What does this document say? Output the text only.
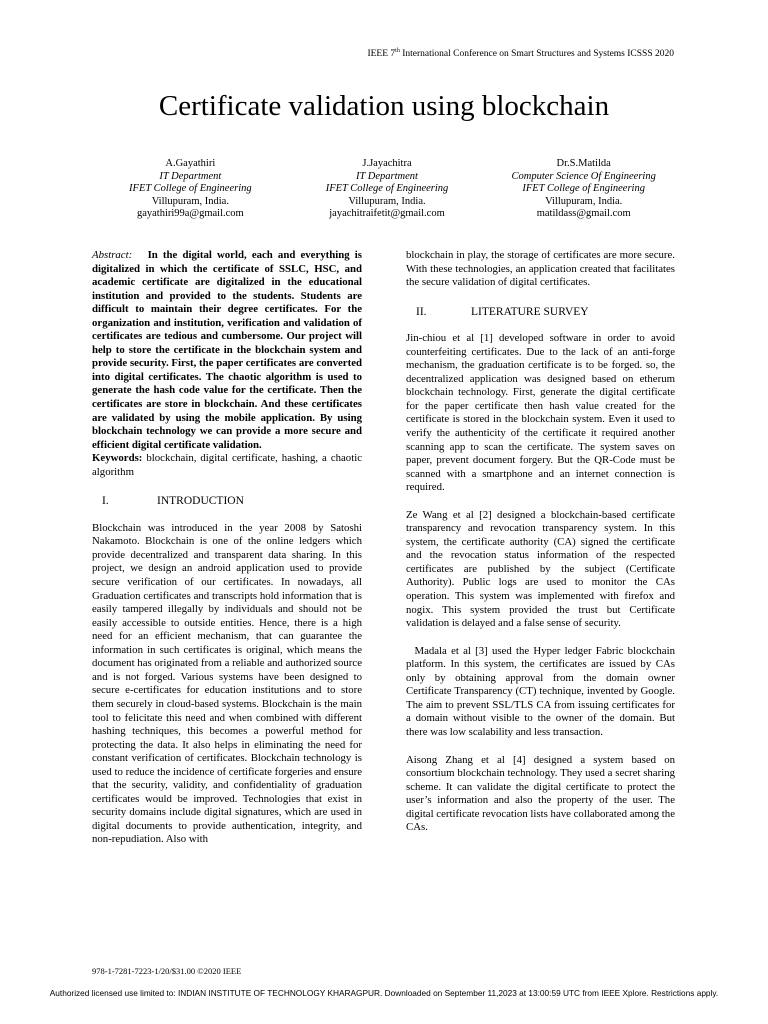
IEEE 7th International Conference on Smart Structures and Systems ICSSS 2020
Certificate validation using blockchain
A.Gayathiri
IT Department
IFET College of Engineering
Villupuram, India.
gayathiri99a@gmail.com
J.Jayachitra
IT Department
IFET College of Engineering
Villupuram, India.
jayachitraifetit@gmail.com
Dr.S.Matilda
Computer Science Of Engineering
IFET College of Engineering
Villupuram, India.
matildass@gmail.com

Abstract: In the digital world, each and everything is digitalized in which the certificate of SSLC, HSC, and academic certificate are digitalized in the educational institution and provided to the students. Students are difficult to maintain their degree certificates. For the organization and institution, verification and validation of certificates are tedious and cumbersome. Our project will help to store the certificate in the blockchain system and provide security. First, the paper certificates are converted into digital certificates. The chaotic algorithm is used to generate the hash code value for the certificate. Then the certificates are store in blockchain. And these certificates are validated by using the mobile application. By using blockchain technology we can provide a more secure and efficient digital certificate validation.

Keywords: blockchain, digital certificate, hashing, a chaotic algorithm

I.	INTRODUCTION

Blockchain was introduced in the year 2008 by Satoshi Nakamoto. Blockchain is one of the online ledgers which provide decentralized and transparent data sharing. In this project, we design an android application used to provide secure verification of our certificates. In nowadays, all Graduation certificates and transcripts hold information that is easily tampered illegally by individuals and should not be easily accessible to outside entities. Hence, there is a high need for an efficient mechanism, that can guarantee the information in such certificates is original, which means the document has originated from a reliable and authorized source and is not forged. Various systems have been designed to secure e-certificates for education institutions and to store them securely in cloud-based systems. Blockchain is the main tool to felicitate this need and when combined with different hashing techniques, this becomes a powerful method for protecting the data. It also helps in eliminating the need for constant verification of certificates. Blockchain technology is used to reduce the incidence of certificate forgeries and ensure that the security, validity, and confidentiality of graduation certificates would be improved. Technologies that exist in security domains include digital signatures, which are used in digital documents to provide authentication, integrity, and non-repudiation. Also with

blockchain in play, the storage of certificates are more secure. With these technologies, an application created that facilitates the secure validation of digital certificates.

II.	LITERATURE SURVEY

Jin-chiou et al [1] developed software in order to avoid counterfeiting certificates. Due to the lack of an anti-forge mechanism, the graduation certificate is to be forged. so, the decentralized application was designed based on etherum blockchain technology. First, generate the digital certificate for the paper certificate then hash value created for the certificate is stored in the blockchain system. Even it used to verify the authenticity of the certificate it required another scanning app to scan the certificate. The system saves on paper, prevent document forgery. But the QR-Code must be scanned with a smartphone and an internet connection is required.

Ze Wang et al [2] designed a blockchain-based certificate transparency and revocation transparency system. In this system, the certificate authority (CA) signed the certificate and the revocation status information of the respected certificates are published by the subject (Certificate Authority). Public logs are used to monitor the CAs operation. This system was implemented with firefox and nogix. This system provided the trust but Certificate validation is delayed and a false sense of security.

Madala et al [3] used the Hyper ledger Fabric blockchain platform. In this system, the certificates are issued by CAs  only by obtaining approval from the domain owner Certificate Transparency (CT) technique, invented by Google. The aim to prevent SSL/TLS CA from issuing certificates for a domain without visible to the owner of the domain. But there was low scalability and less transaction.

Aisong Zhang et al [4] designed a system based on consortium blockchain technology. They used a secret sharing scheme. It can validate the digital certificate to protect the user’s information and also the property of the user. The digital certificate revocation lists have collaborated among the CAs.

978-1-7281-7223-1/20/$31.00 ©2020 IEEE
Authorized licensed use limited to: INDIAN INSTITUTE OF TECHNOLOGY KHARAGPUR. Downloaded on September 11,2023 at 13:00:59 UTC from IEEE Xplore. Restrictions apply.
